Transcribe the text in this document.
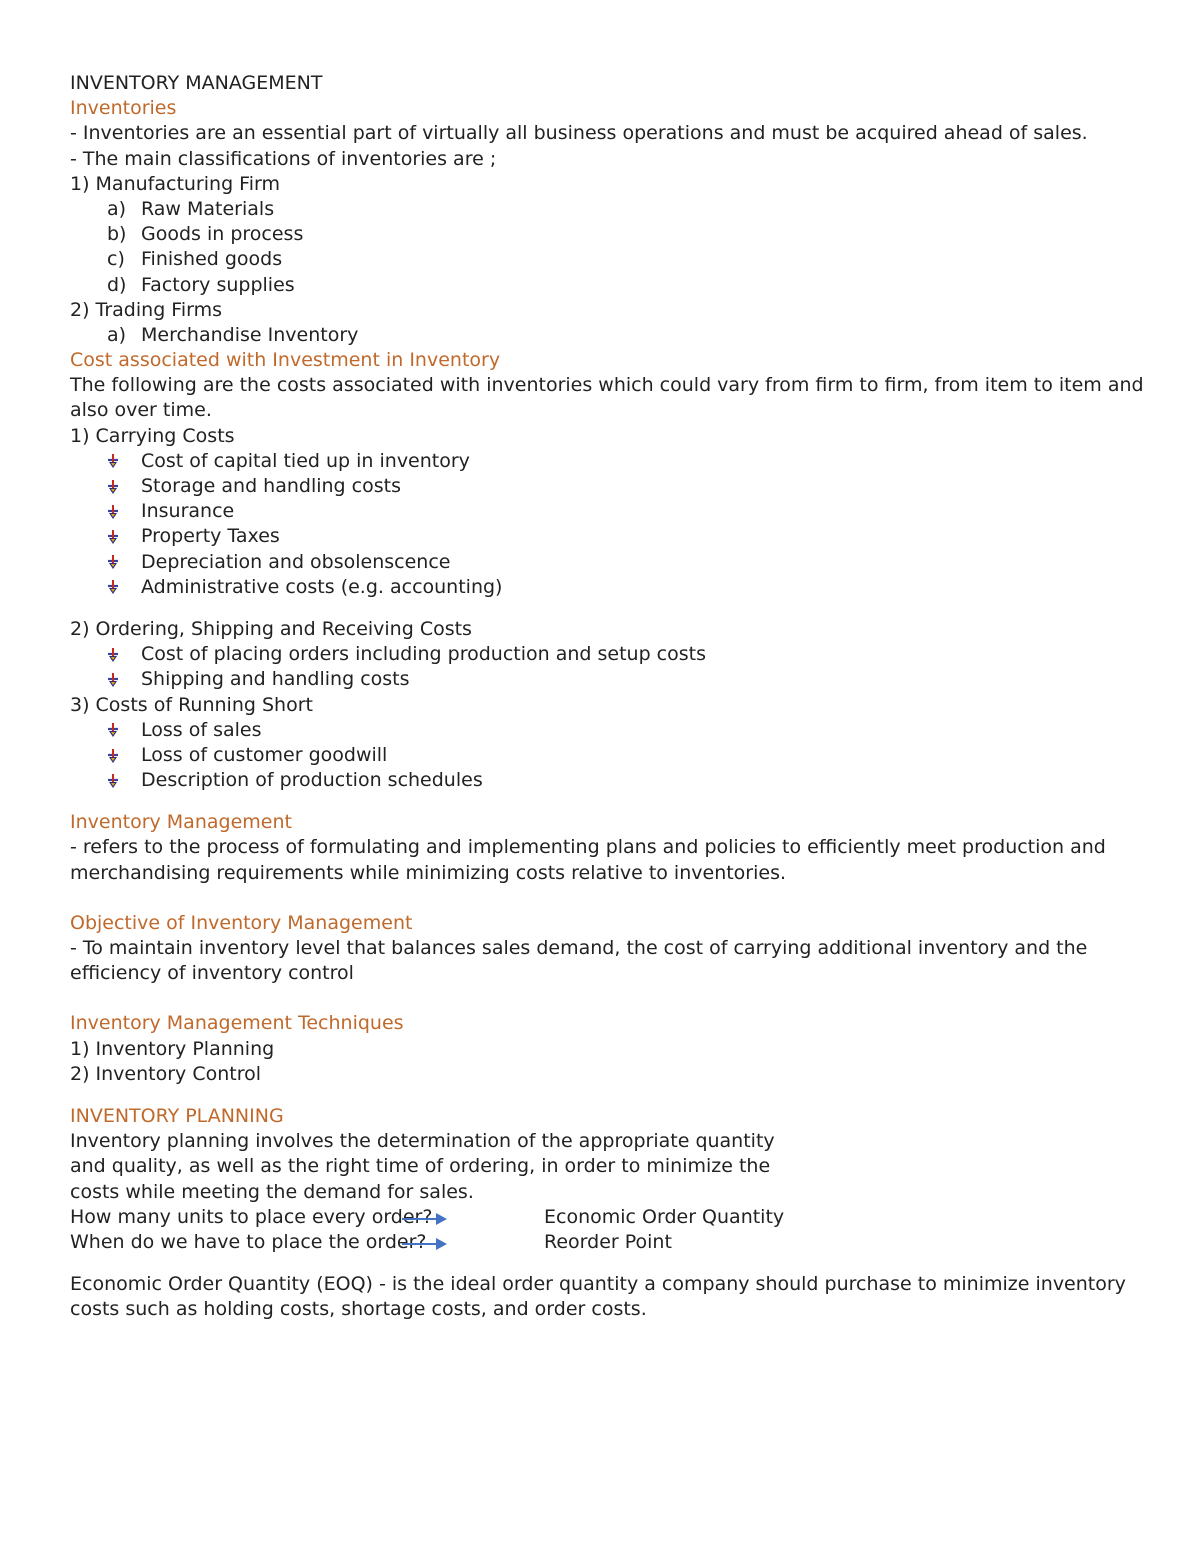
INVENTORY MANAGEMENT
Inventories
- Inventories are an essential part of virtually all business operations and must be acquired ahead of sales.
- The main classifications of inventories are ;
1) Manufacturing Firm
a) Raw Materials
b) Goods in process
c) Finished goods
d) Factory supplies
2) Trading Firms
a) Merchandise Inventory
Cost associated with Investment in Inventory
The following are the costs associated with inventories which could vary from firm to firm, from item to item and also over time.
1) Carrying Costs
Cost of capital tied up in inventory
Storage and handling costs
Insurance
Property Taxes
Depreciation and obsolenscence
Administrative costs (e.g. accounting)
2) Ordering, Shipping and Receiving Costs
Cost of placing orders including production and setup costs
Shipping and handling costs
3) Costs of Running Short
Loss of sales
Loss of customer goodwill
Description of production schedules
Inventory Management
- refers to the process of formulating and implementing plans and policies to efficiently meet production and merchandising requirements while minimizing costs relative to inventories.
Objective of Inventory Management
- To maintain inventory level that balances sales demand, the cost of carrying additional inventory and the efficiency of inventory control
Inventory Management Techniques
1) Inventory Planning
2) Inventory Control
INVENTORY PLANNING
Inventory planning involves the determination of the appropriate quantity
and quality, as well as the right time of ordering, in order to minimize the
costs while meeting the demand for sales.
How many units to place every order?	Economic Order Quantity
When do we have to place the order?	Reorder Point
Economic Order Quantity (EOQ) - is the ideal order quantity a company should purchase to minimize inventory costs such as holding costs, shortage costs, and order costs.
